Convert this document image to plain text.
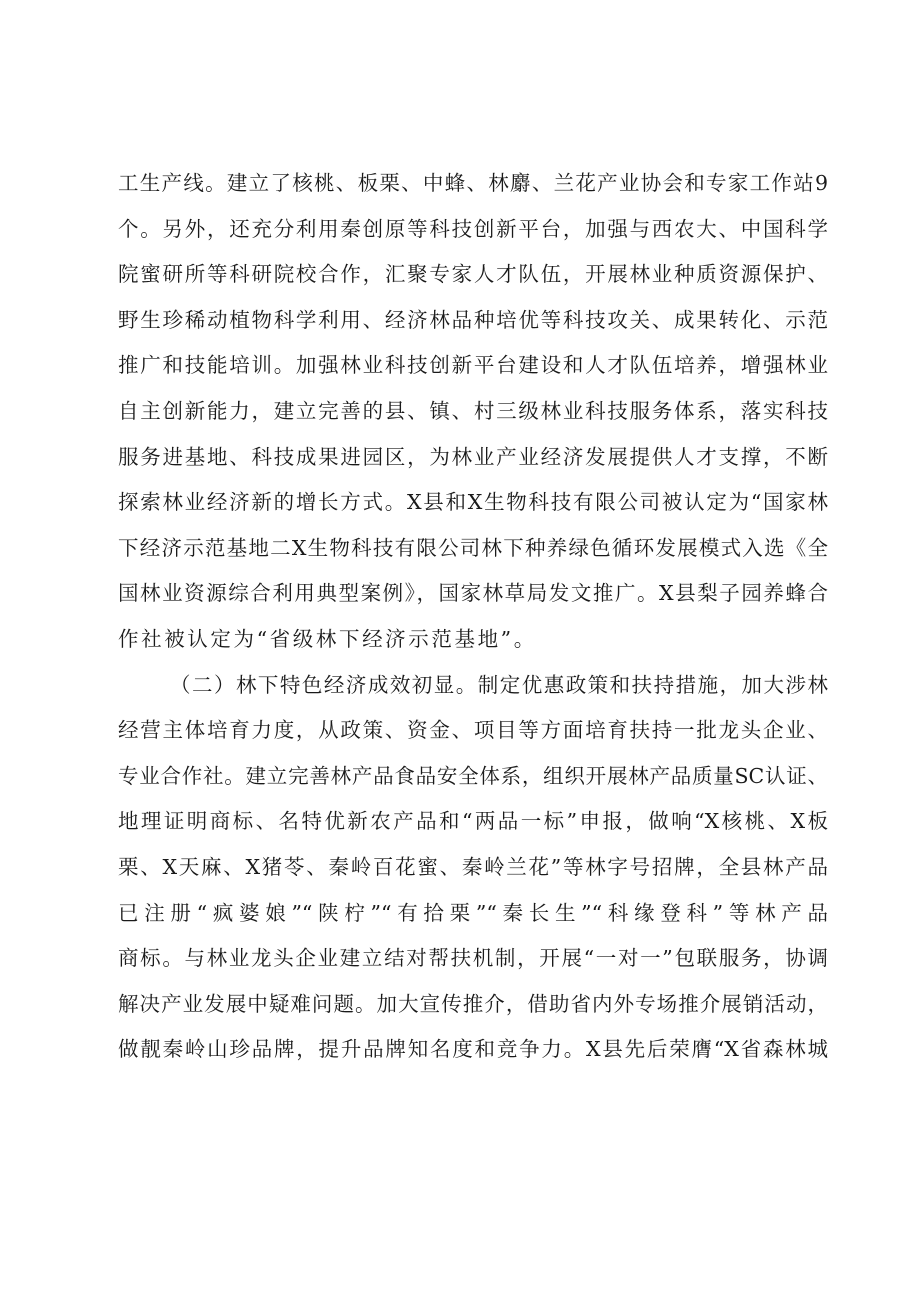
工生产线。建立了核桃、板栗、中蜂、林麝、兰花产业协会和专家工作站9

个。另外，还充分利用秦创原等科技创新平台，加强与西农大、中国科学

院蜜研所等科研院校合作，汇聚专家人才队伍，开展林业种质资源保护、

野生珍稀动植物科学利用、经济林品种培优等科技攻关、成果转化、示范

推广和技能培训。加强林业科技创新平台建设和人才队伍培养，增强林业

自主创新能力，建立完善的县、镇、村三级林业科技服务体系，落实科技

服务进基地、科技成果进园区，为林业产业经济发展提供人才支撑，不断

探索林业经济新的增长方式。X县和X生物科技有限公司被认定为“国家林

下经济示范基地二X生物科技有限公司林下种养绿色循环发展模式入选《全

国林业资源综合利用典型案例》，国家林草局发文推广。X县梨子园养蜂合

作社被认定为“省级林下经济示范基地”。

（二）林下特色经济成效初显。制定优惠政策和扶持措施，加大涉林

经营主体培育力度，从政策、资金、项目等方面培育扶持一批龙头企业、

专业合作社。建立完善林产品食品安全体系，组织开展林产品质量SC认证、

地理证明商标、名特优新农产品和“两品一标”申报，做响“X核桃、X板

栗、X天麻、X猪苓、秦岭百花蜜、秦岭兰花”等林字号招牌，全县林产品

已注册“疯婆娘”“陕柠”“有拾栗”“秦长生”“科缘登科”等林产品

商标。与林业龙头企业建立结对帮扶机制，开展“一对一”包联服务，协调

解决产业发展中疑难问题。加大宣传推介，借助省内外专场推介展销活动，

做靓秦岭山珍品牌，提升品牌知名度和竞争力。X县先后荣膺“X省森林城
